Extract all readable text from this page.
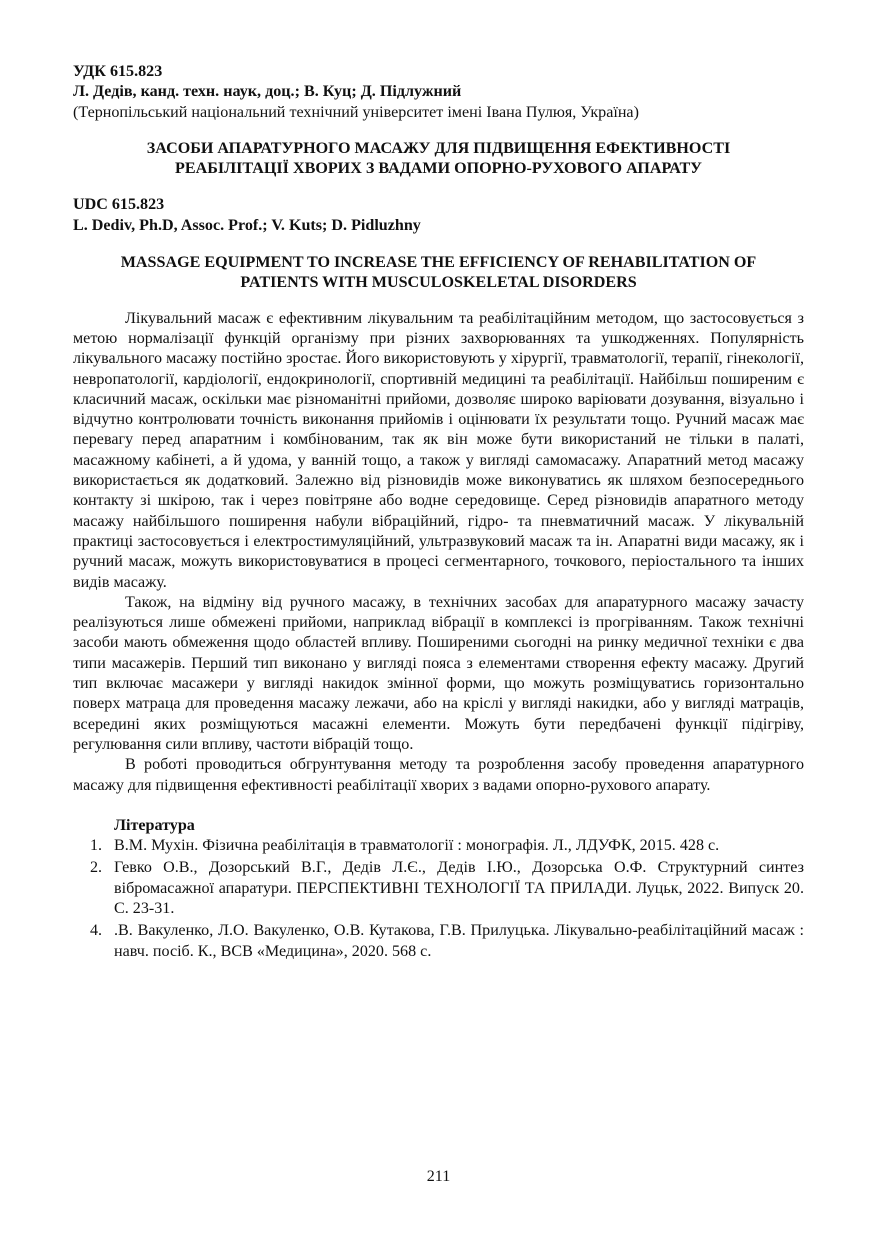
УДК 615.823
Л. Дедів, канд. техн. наук, доц.; В. Куц; Д. Підлужний
(Тернопільський національний технічний університет імені Івана Пулюя, Україна)
ЗАСОБИ АПАРАТУРНОГО МАСАЖУ ДЛЯ ПІДВИЩЕННЯ ЕФЕКТИВНОСТІ
РЕАБІЛІТАЦІЇ ХВОРИХ З ВАДАМИ ОПОРНО-РУХОВОГО АПАРАТУ
UDC 615.823
L. Dediv, Ph.D, Assoc. Prof.; V. Kuts; D. Pidluzhny
MASSAGE EQUIPMENT TO INCREASE THE EFFICIENCY OF REHABILITATION OF
PATIENTS WITH MUSCULOSKELETAL DISORDERS

Лікувальний масаж є ефективним лікувальним та реабілітаційним методом, що застосовується з метою нормалізації функцій організму при різних захворюваннях та ушкодженнях. Популярність лікувального масажу постійно зростає. Його використовують у хірургії, травматології, терапії, гінекології, невропатології, кардіології, ендокринології, спортивній медицині та реабілітації. Найбільш поширеним є класичний масаж, оскільки має різноманітні прийоми, дозволяє широко варіювати дозування, візуально і відчутно контролювати точність виконання прийомів і оцінювати їх результати тощо. Ручний масаж має перевагу перед апаратним і комбінованим, так як він може бути використаний не тільки в палаті, масажному кабінеті, а й удома, у ванній тощо, а також у вигляді самомасажу. Апаратний метод масажу використається як додатковий. Залежно від різновидів може виконуватись як шляхом безпосереднього контакту зі шкірою, так і через повітряне або водне середовище. Серед різновидів апаратного методу масажу найбільшого поширення набули вібраційний, гідро- та пневматичний масаж. У лікувальній практиці застосовується і електростимуляційний, ультразвуковий масаж та ін. Апаратні види масажу, як і ручний масаж, можуть використовуватися в процесі сегментарного, точкового, періостального та інших видів масажу.

Також, на відміну від ручного масажу, в технічних засобах для апаратурного масажу зачасту реалізуються лише обмежені прийоми, наприклад вібрації в комплексі із прогріванням. Також технічні засоби мають обмеження щодо областей впливу. Поширеними сьогодні на ринку медичної техніки є два типи масажерів. Перший тип виконано у вигляді пояса з елементами створення ефекту масажу. Другий тип включає масажери у вигляді накидок змінної форми, що можуть розміщуватись горизонтально поверх матраца для проведення масажу лежачи, або на кріслі у вигляді накидки, або у вигляді матраців, всередині яких розміщуються масажні елементи. Можуть бути передбачені функції підігріву, регулювання сили впливу, частоти вібрацій тощо.

В роботі проводиться обгрунтування методу та розроблення засобу проведення апаратурного масажу для підвищення ефективності реабілітації хворих з вадами опорно-рухового апарату.

Література
1. В.М. Мухін. Фізична реабілітація в травматології : монографія. Л., ЛДУФК, 2015. 428 с.
2. Гевко О.В., Дозорський В.Г., Дедів Л.Є., Дедів І.Ю., Дозорська О.Ф. Структурний синтез вібромасажної апаратури. ПЕРСПЕКТИВНІ ТЕХНОЛОГІЇ ТА ПРИЛАДИ. Луцьк, 2022. Випуск 20. С. 23-31.
4. .В. Вакуленко, Л.О. Вакуленко, О.В. Кутакова, Г.В. Прилуцька. Лікувально-реабілітаційний масаж : навч. посіб. К., ВСВ «Медицина», 2020. 568 с.
211
